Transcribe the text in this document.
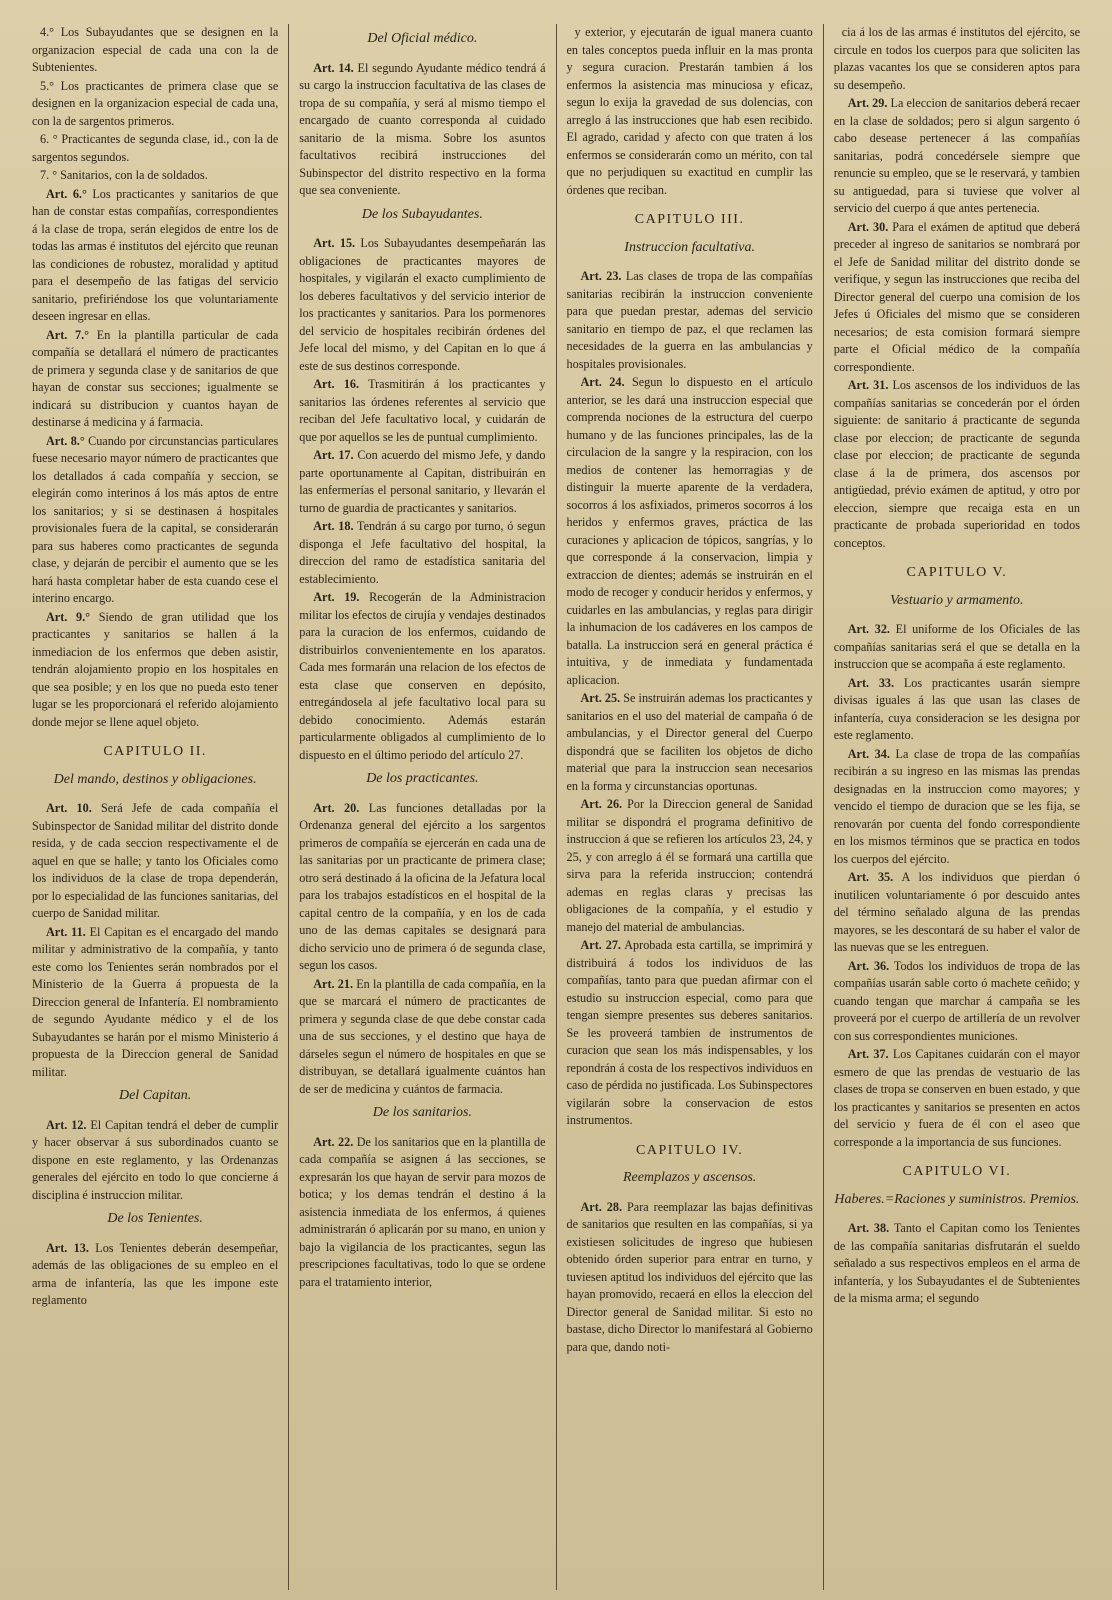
4.° Los Subayudantes que se designen en la organizacion especial de cada una con la de Subtenientes.

5.° Los practicantes de primera clase que se designen en la organizacion especial de cada una, con la de sargentos primeros.

6. ° Practicantes de segunda clase, id., con la de sargentos segundos.

7. ° Sanitarios, con la de soldados.

Art. 6.° Los practicantes y sanitarios de que han de constar estas compañías, correspondientes á la clase de tropa, serán elegidos de entre los de todas las armas é institutos del ejército que reunan las condiciones de robustez, moralidad y aptitud para el desempeño de las fatigas del servicio sanitario, prefiriéndose los que voluntariamente deseen ingresar en ellas.

Art. 7.° En la plantilla particular de cada compañía se detallará el número de practicantes de primera y segunda clase y de sanitarios de que hayan de constar sus secciones; igualmente se indicará su distribucion y cuantos hayan de destinarse á medicina y á farmacia.

Art. 8.° Cuando por circunstancias particulares fuese necesario mayor número de practicantes que los detallados á cada compañía y seccion, se elegirán como interinos á los más aptos de entre los sanitarios; y si se destinasen á hospitales provisionales fuera de la capital, se considerarán para sus haberes como practicantes de segunda clase, y dejarán de percibir el aumento que se les hará hasta completar haber de esta cuando cese el interino encargo.

Art. 9.° Siendo de gran utilidad que los practicantes y sanitarios se hallen á la inmediacion de los enfermos que deben asistir, tendrán alojamiento propio en los hospitales en que sea posible; y en los que no pueda esto tener lugar se les proporcionará el referido alojamiento donde mejor se llene aquel objeto.

CAPITULO II.
Del mando, destinos y obligaciones.

Art. 10. Será Jefe de cada compañía el Subinspector de Sanidad militar del distrito donde resida, y de cada seccion respectivamente el de aquel en que se halle; y tanto los Oficiales como los individuos de la clase de tropa dependerán, por lo especialidad de las funciones sanitarias, del cuerpo de Sanidad militar.

Art. 11. El Capitan es el encargado del mando militar y administrativo de la compañía, y tanto este como los Tenientes serán nombrados por el Ministerio de la Guerra á propuesta de la Direccion general de Infantería. El nombramiento de segundo Ayudante médico y el de los Subayudantes se harán por el mismo Ministerio á propuesta de la Direccion general de Sanidad militar.

Del Capitan.

Art. 12. El Capitan tendrá el deber de cumplir y hacer observar á sus subordinados cuanto se dispone en este reglamento, y las Ordenanzas generales del ejército en todo lo que concierne á disciplina é instruccion militar.

De los Tenientes.

Art. 13. Los Tenientes deberán desempeñar, además de las obligaciones de su empleo en el arma de infantería, las que les impone este reglamento

Del Oficial médico.

Art. 14. El segundo Ayudante médico tendrá á su cargo la instruccion facultativa de las clases de tropa de su compañía, y será al mismo tiempo el encargado de cuanto corresponda al cuidado sanitario de la misma. Sobre los asuntos facultativos recibirá instrucciones del Subinspector del distrito respectivo en la forma que sea conveniente.

De los Subayudantes.

Art. 15. Los Subayudantes desempeñarán las obligaciones de practicantes mayores de hospitales, y vigilarán el exacto cumplimiento de los deberes facultativos y del servicio interior de los practicantes y sanitarios. Para los pormenores del servicio de hospitales recibirán órdenes del Jefe local del mismo, y del Capitan en lo que á este de sus destinos corresponde.

Art. 16. Trasmitirán á los practicantes y sanitarios las órdenes referentes al servicio que reciban del Jefe facultativo local, y cuidarán de que por aquellos se les de puntual cumplimiento.

Art. 17. Con acuerdo del mismo Jefe, y dando parte oportunamente al Capitan, distribuirán en las enfermerías el personal sanitario, y llevarán el turno de guardia de practicantes y sanitarios.

Art. 18. Tendrán á su cargo por turno, ó segun disponga el Jefe facultativo del hospital, la direccion del ramo de estadística sanitaria del establecimiento.

Art. 19. Recogerán de la Administracion militar los efectos de cirujía y vendajes destinados para la curacion de los enfermos, cuidando de distribuirlos convenientemente en los aparatos. Cada mes formarán una relacion de los efectos de esta clase que conserven en depósito, entregándosela al jefe facultativo local para su debido conocimiento. Además estarán particularmente obligados al cumplimiento de lo dispuesto en el último periodo del artículo 27.

De los practicantes.

Art. 20. Las funciones detalladas por la Ordenanza general del ejército a los sargentos primeros de compañía se ejercerán en cada una de las sanitarias por un practicante de primera clase; otro será destinado á la oficina de la Jefatura local para los trabajos estadísticos en el hospital de la capital centro de la compañía, y en los de cada uno de las demas capitales se designará para dicho servicio uno de primera ó de segunda clase, segun los casos.

Art. 21. En la plantilla de cada compañía, en la que se marcará el número de practicantes de primera y segunda clase de que debe constar cada una de sus secciones, y el destino que haya de dárseles segun el número de hospitales en que se distribuyan, se detallará igualmente cuántos han de ser de medicina y cuántos de farmacia.

De los sanitarios.

Art. 22. De los sanitarios que en la plantilla de cada compañía se asignen á las secciones, se expresarán los que hayan de servir para mozos de botica; y los demas tendrán el destino á la asistencia inmediata de los enfermos, á quienes administrarán ó aplicarán por su mano, en union y bajo la vigilancia de los practicantes, segun las prescripciones facultativas, todo lo que se ordene para el tratamiento interior,

y exterior, y ejecutarán de igual manera cuanto en tales conceptos pueda influir en la mas pronta y segura curacion. Prestarán tambien á los enfermos la asistencia mas minuciosa y eficaz, segun lo exija la gravedad de sus dolencias, con arreglo á las instrucciones que hab esen recibido. El agrado, caridad y afecto con que traten á los enfermos se considerarán como un mérito, con tal que no perjudiquen su exactitud en cumplir las órdenes que reciban.

CAPITULO III.
Instruccion facultativa.

Art. 23. Las clases de tropa de las compañías sanitarias recibirán la instruccion conveniente para que puedan prestar, ademas del servicio sanitario en tiempo de paz, el que reclamen las necesidades de la guerra en las ambulancias y hospitales provisionales.

Art. 24. Segun lo dispuesto en el artículo anterior, se les dará una instruccion especial que comprenda nociones de la estructura del cuerpo humano y de las funciones principales, las de la circulacion de la sangre y la respiracion, con los medios de contener las hemorragias y de distinguir la muerte aparente de la verdadera, socorros á los asfixiados, primeros socorros á los heridos y enfermos graves, práctica de las curaciones y aplicacion de tópicos, sangrías, y lo que corresponde á la conservacion, limpia y extraccion de dientes; además se instruirán en el modo de recoger y conducir heridos y enfermos, y cuidarles en las ambulancias, y reglas para dirigir la inhumacion de los cadáveres en los campos de batalla. La instruccion será en general práctica é intuitiva, y de inmediata y fundamentada aplicacion.

Art. 25. Se instruirán ademas los practicantes y sanitarios en el uso del material de campaña ó de ambulancias, y el Director general del Cuerpo dispondrá que se faciliten los objetos de dicho material que para la instruccion sean necesarios en la forma y circunstancias oportunas.

Art. 26. Por la Direccion general de Sanidad militar se dispondrá el programa definitivo de instruccion á que se refieren los artículos 23, 24, y 25, y con arreglo á él se formará una cartilla que sirva para la referida instruccion; contendrá ademas en reglas claras y precisas las obligaciones de la compañía, y el estudio y manejo del material de ambulancias.

Art. 27. Aprobada esta cartilla, se imprimirá y distribuirá á todos los individuos de las compañías, tanto para que puedan afirmar con el estudio su instruccion especial, como para que tengan siempre presentes sus deberes sanitarios. Se les proveerá tambien de instrumentos de curacion que sean los más indispensables, y los repondrán á costa de los respectivos individuos en caso de pérdida no justificada. Los Subinspectores vigilarán sobre la conservacion de estos instrumentos.

CAPITULO IV.
Reemplazos y ascensos.

Art. 28. Para reemplazar las bajas definitivas de sanitarios que resulten en las compañías, si ya existiesen solicitudes de ingreso que hubiesen obtenido órden superior para entrar en turno, y tuviesen aptitud los individuos del ejército que las hayan promovido, recaerá en ellos la eleccion del Director general de Sanidad militar. Si esto no bastase, dicho Director lo manifestará al Gobierno para que, dando noti-

cia á los de las armas é institutos del ejército, se circule en todos los cuerpos para que soliciten las plazas vacantes los que se consideren aptos para su desempeño.

Art. 29. La eleccion de sanitarios deberá recaer en la clase de soldados; pero si algun sargento ó cabo desease pertenecer á las compañías sanitarias, podrá concedérsele siempre que renuncie su empleo, que se le reservará, y tambien su antiguedad, para si tuviese que volver al servicio del cuerpo á que antes pertenecia.

Art. 30. Para el exámen de aptitud que deberá preceder al ingreso de sanitarios se nombrará por el Jefe de Sanidad militar del distrito donde se verifique, y segun las instrucciones que reciba del Director general del cuerpo una comision de los Jefes ú Oficiales del mismo que se consideren necesarios; de esta comision formará siempre parte el Oficial médico de la compañía correspondiente.

Art. 31. Los ascensos de los individuos de las compañías sanitarias se concederán por el órden siguiente: de sanitario á practicante de segunda clase por eleccion; de practicante de segunda clase por eleccion; de practicante de segunda clase á la de primera, dos ascensos por antigüedad, prévio exámen de aptitud, y otro por eleccion, siempre que recaiga esta en un practicante de probada superioridad en todos conceptos.

CAPITULO V.
Vestuario y armamento.

Art. 32. El uniforme de los Oficiales de las compañías sanitarias será el que se detalla en la instruccion que se acompaña á este reglamento.

Art. 33. Los practicantes usarán siempre divisas iguales á las que usan las clases de infantería, cuya consideracion se les designa por este reglamento.

Art. 34. La clase de tropa de las compañías recibirán a su ingreso en las mismas las prendas designadas en la instruccion como mayores; y vencido el tiempo de duracion que se les fija, se renovarán por cuenta del fondo correspondiente en los mismos términos que se practica en todos los cuerpos del ejército.

Art. 35. A los individuos que pierdan ó inutilicen voluntariamente ó por descuido antes del término señalado alguna de las prendas mayores, se les descontará de su haber el valor de las nuevas que se les entreguen.

Art. 36. Todos los individuos de tropa de las compañías usarán sable corto ó machete ceñido; y cuando tengan que marchar á campaña se les proveerá por el cuerpo de artillería de un revolver con sus correspondientes municiones.

Art. 37. Los Capitanes cuidarán con el mayor esmero de que las prendas de vestuario de las clases de tropa se conserven en buen estado, y que los practicantes y sanitarios se presenten en actos del servicio y fuera de él con el aseo que corresponde a la importancia de sus funciones.

CAPITULO VI.
Haberes.=Raciones y suministros. Premios.

Art. 38. Tanto el Capitan como los Tenientes de las compañía sanitarias disfrutarán el sueldo señalado a sus respectivos empleos en el arma de infantería, y los Subayudantes el de Subtenientes de la misma arma; el segundo
